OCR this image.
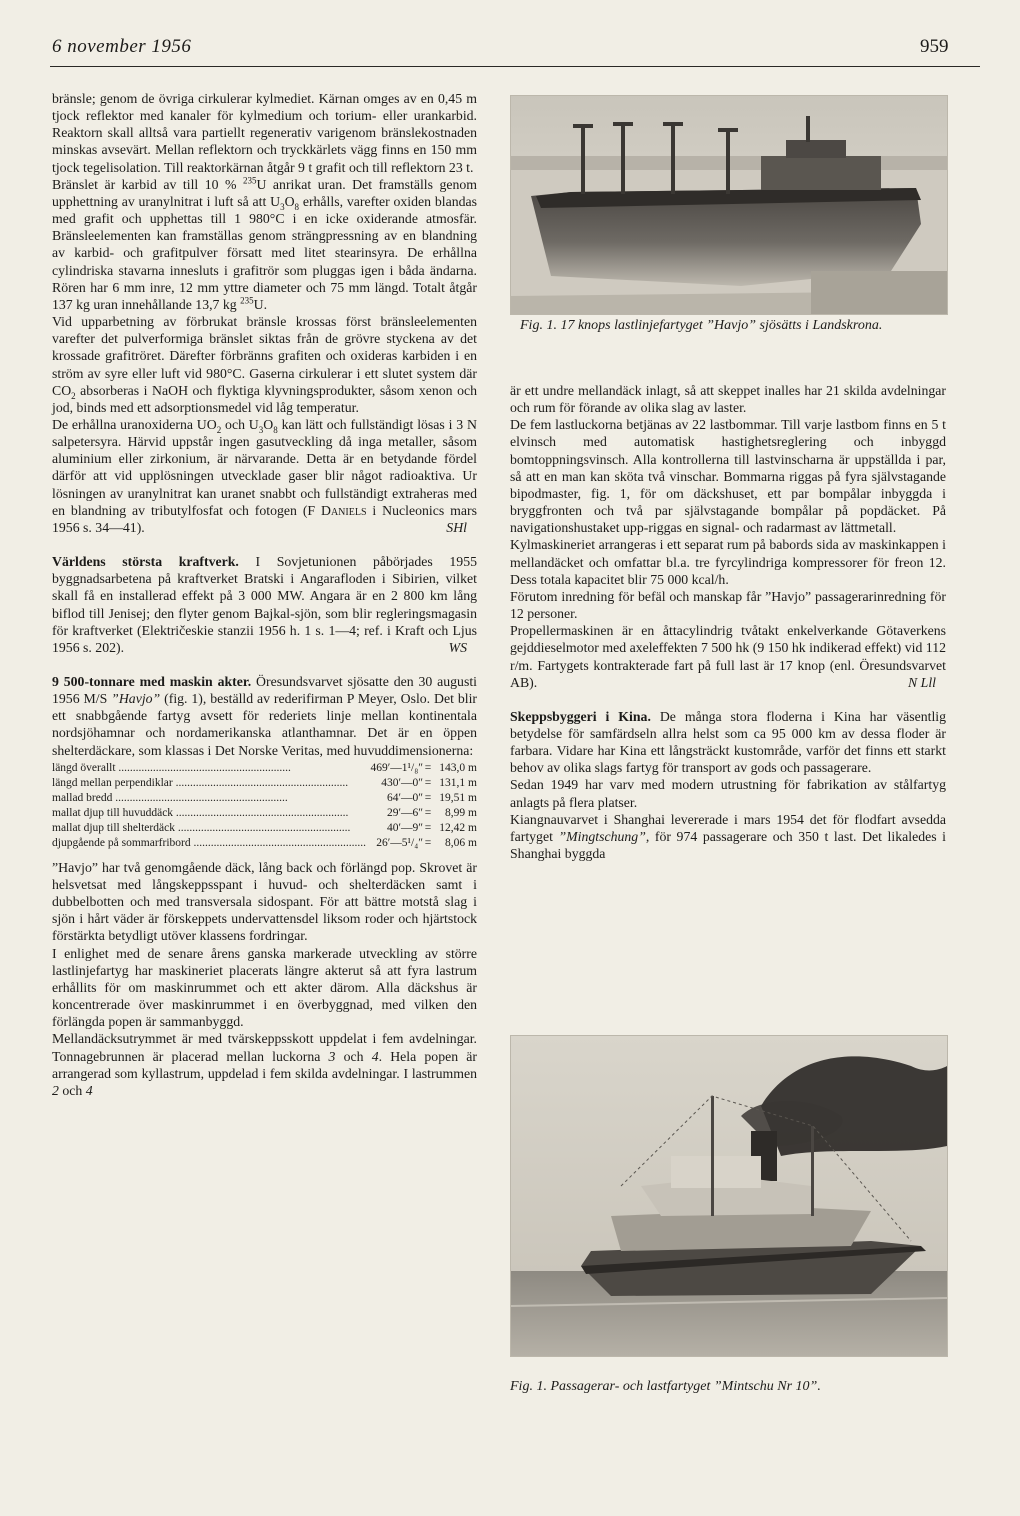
6 november 1956	959

bränsle; genom de övriga cirkulerar kylmediet. Kärnan omges av en 0,45 m tjock reflektor med kanaler för kylmedium och torium- eller urankarbid. Reaktorn skall alltså vara partiellt regenerativ varigenom bränslekostnaden minskas avsevärt. Mellan reflektorn och tryckkärlets vägg finns en 150 mm tjock tegelisolation. Till reaktorkärnan åtgår 9 t grafit och till reflektorn 23 t.

Bränslet är karbid av till 10 % $^{235}$U anrikat uran. Det framställs genom upphettning av uranylnitrat i luft så att $U_3O_8$ erhålls, varefter oxiden blandas med grafit och upphettas till 1 980°C i en icke oxiderande atmosfär. Bränsleelementen kan framställas genom strängpressning av en blandning av karbid- och grafitpulver försatt med litet stearinsyra. De erhållna cylindriska stavarna innesluts i grafitrör som pluggas igen i båda ändarna. Rören har 6 mm inre, 12 mm yttre diameter och 75 mm längd. Totalt åtgår 137 kg uran innehållande 13,7 kg $^{235}$U.

Vid upparbetning av förbrukat bränsle krossas först bränsleelementen varefter det pulverformiga bränslet siktas från de grövre styckena av det krossade grafitröret. Därefter förbränns grafiten och oxideras karbiden i en ström av syre eller luft vid 980°C. Gaserna cirkulerar i ett slutet system där $CO_2$ absorberas i NaOH och flyktiga klyvningsprodukter, såsom xenon och jod, binds med ett adsorptionsmedel vid låg temperatur.

De erhållna uranoxiderna $UO_2$ och $U_3O_8$ kan lätt och fullständigt lösas i 3 N salpetersyra. Härvid uppstår ingen gasutveckling då inga metaller, såsom aluminium eller zirkonium, är närvarande. Detta är en betydande fördel därför att vid upplösningen utvecklade gaser blir något radioaktiva. Ur lösningen av uranylnitrat kan uranet snabbt och fullständigt extraheras med en blandning av tributylfosfat och fotogen (F Daniels i Nucleonics mars 1956 s. 34—41).	SHl

Världens största kraftverk. I Sovjetunionen påbörjades 1955 byggnadsarbetena på kraftverket Bratski i Angarafloden i Sibirien, vilket skall få en installerad effekt på 3 000 MW. Angara är en 2 800 km lång biflod till Jenisej; den flyter genom Bajkal-sjön, som blir regleringsmagasin för kraftverket (Električeskie stanzii 1956 h. 1 s. 1—4; ref. i Kraft och Ljus 1956 s. 202).	WS

9 500-tonnare med maskin akter. Öresundsvarvet sjösatte den 30 augusti 1956 M/S ”Havjo” (fig. 1), beställd av rederifirman P Meyer, Oslo. Det blir ett snabbgående fartyg avsett för rederiets linje mellan kontinentala nordsjöhamnar och nordamerikanska atlanthamnar. Det är en öppen shelterdäckare, som klassas i Det Norske Veritas, med huvuddimensionerna:

längd överallt ............................................................	469′—1¹/₈″	=	143,0	m
längd mellan perpendiklar ............................................................	430′—0″	=	131,1	m
mallad bredd ............................................................	64′—0″	=	19,51	m
mallat djup till huvuddäck ............................................................	29′—6″	=	8,99	m
mallat djup till shelterdäck ............................................................	40′—9″	=	12,42	m
djupgående på sommarfribord ............................................................	26′—5¹/₄″	=	8,06	m

”Havjo” har två genomgående däck, lång back och förlängd pop. Skrovet är helsvetsat med långskeppsspant i huvud- och shelterdäcken samt i dubbelbotten och med transversala sidospant. För att bättre motstå slag i sjön i hårt väder är förskeppets undervattensdel liksom roder och hjärtstock förstärkta betydligt utöver klassens fordringar.

I enlighet med de senare årens ganska markerade utveckling av större lastlinjefartyg har maskineriet placerats längre akterut så att fyra lastrum erhållits för om maskinrummet och ett akter därom. Alla däckshus är koncentrerade över maskinrummet i en överbyggnad, med vilken den förlängda popen är sammanbyggd.

Mellandäcksutrymmet är med tvärskeppsskott uppdelat i fem avdelningar. Tonnagebrunnen är placerad mellan luckorna 3 och 4. Hela popen är arrangerad som kyllastrum, uppdelad i fem skilda avdelningar. I lastrummen 2 och 4

Fig. 1. 17 knops lastlinjefartyget ”Havjo” sjösätts i Landskrona.

är ett undre mellandäck inlagt, så att skeppet inalles har 21 skilda avdelningar och rum för förande av olika slag av laster.

De fem lastluckorna betjänas av 22 lastbommar. Till varje lastbom finns en 5 t elvinsch med automatisk hastighetsreglering och inbyggd bomtoppningsvinsch. Alla kontrollerna till lastvinscharna är uppställda i par, så att en man kan sköta två vinschar. Bommarna riggas på fyra självstagande bipodmaster, fig. 1, för om däckshuset, ett par bompålar inbyggda i bryggfronten och två par självstagande bompålar på popdäcket. På navigationshustaket upp-riggas en signal- och radarmast av lättmetall.

Kylmaskineriet arrangeras i ett separat rum på babords sida av maskinkappen i mellandäcket och omfattar bl.a. tre fyrcylindriga kompressorer för freon 12. Dess totala kapacitet blir 75 000 kcal/h.

Förutom inredning för befäl och manskap får ”Havjo” passagerarinredning för 12 personer.

Propellermaskinen är en åttacylindrig tvåtakt enkelverkande Götaverkens gejddieselmotor med axeleffekten 7 500 hk (9 150 hk indikerad effekt) vid 112 r/m. Fartygets kontrakterade fart på full last är 17 knop (enl. Öresundsvarvet AB).	N Lll

Skeppsbyggeri i Kina. De många stora floderna i Kina har väsentlig betydelse för samfärdseln allra helst som ca 95 000 km av dessa floder är farbara. Vidare har Kina ett långsträckt kustområde, varför det finns ett starkt behov av olika slags fartyg för transport av gods och passagerare.

Sedan 1949 har varv med modern utrustning för fabrikation av stålfartyg anlagts på flera platser.

Kiangnauvarvet i Shanghai levererade i mars 1954 det för flodfart avsedda fartyget ”Mingtschung”, för 974 passagerare och 350 t last. Det likaledes i Shanghai byggda

Fig. 1. Passagerar- och lastfartyget ”Mintschu Nr 10”.
